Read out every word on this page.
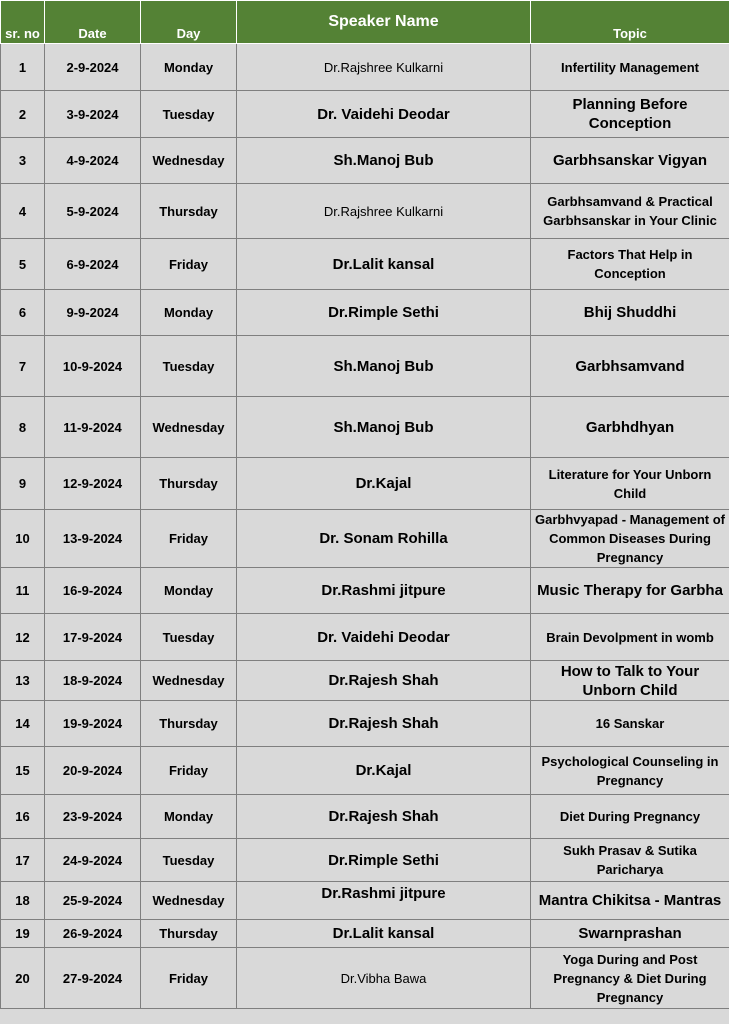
sr. no	Date	Day	Speaker Name	Topic
1	2-9-2024	Monday	Dr.Rajshree Kulkarni	Infertility Management
2	3-9-2024	Tuesday	Dr. Vaidehi Deodar	Planning Before Conception
3	4-9-2024	Wednesday	Sh.Manoj Bub	Garbhsanskar Vigyan
4	5-9-2024	Thursday	Dr.Rajshree Kulkarni	Garbhsamvand & Practical Garbhsanskar in Your Clinic
5	6-9-2024	Friday	Dr.Lalit kansal	Factors That Help in Conception
6	9-9-2024	Monday	Dr.Rimple Sethi	Bhij Shuddhi
7	10-9-2024	Tuesday	Sh.Manoj Bub	Garbhsamvand
8	11-9-2024	Wednesday	Sh.Manoj Bub	Garbhdhyan
9	12-9-2024	Thursday	Dr.Kajal	Literature for Your Unborn Child
10	13-9-2024	Friday	Dr. Sonam Rohilla	Garbhvyapad - Management of Common Diseases During Pregnancy
11	16-9-2024	Monday	Dr.Rashmi jitpure	Music Therapy for Garbha
12	17-9-2024	Tuesday	Dr. Vaidehi Deodar	Brain Devolpment in womb
13	18-9-2024	Wednesday	Dr.Rajesh Shah	How to Talk to Your Unborn Child
14	19-9-2024	Thursday	Dr.Rajesh Shah	16 Sanskar
15	20-9-2024	Friday	Dr.Kajal	Psychological Counseling in Pregnancy
16	23-9-2024	Monday	Dr.Rajesh Shah	Diet During Pregnancy
17	24-9-2024	Tuesday	Dr.Rimple Sethi	Sukh Prasav & Sutika Paricharya
18	25-9-2024	Wednesday	Dr.Rashmi jitpure	Mantra Chikitsa - Mantras
19	26-9-2024	Thursday	Dr.Lalit kansal	Swarnprashan
20	27-9-2024	Friday	Dr.Vibha Bawa	Yoga During and Post Pregnancy & Diet During Pregnancy
